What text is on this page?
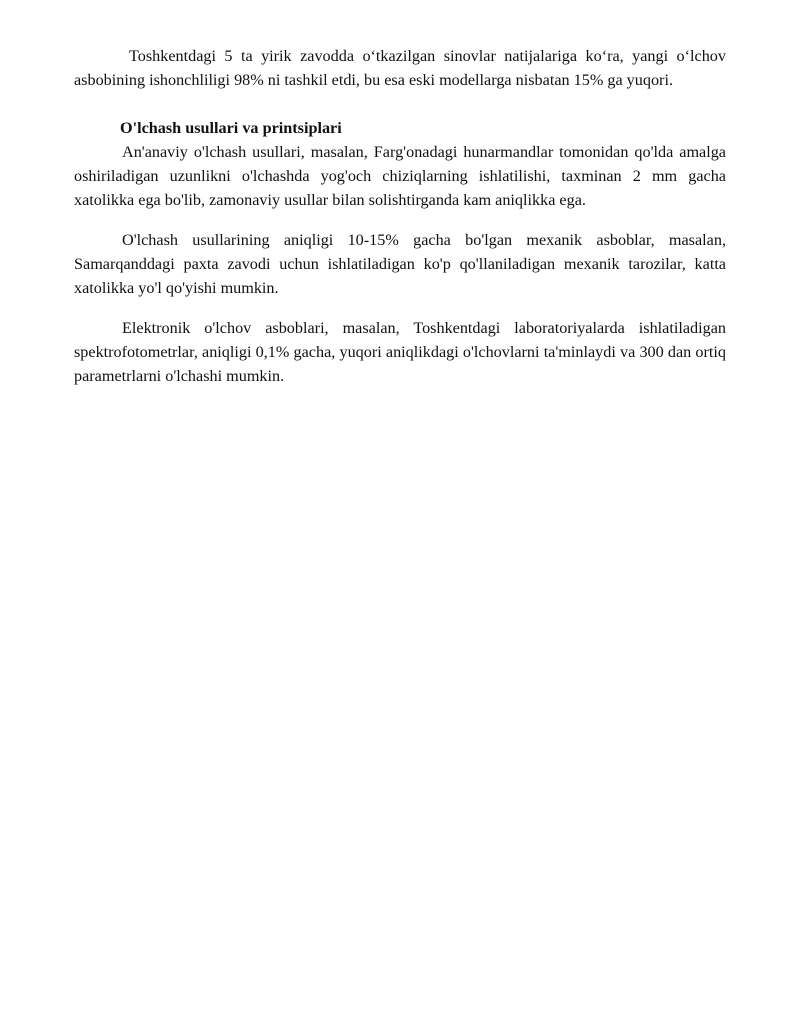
Toshkentdagi 5 ta yirik zavodda oʻtkazilgan sinovlar natijalariga koʻra, yangi oʻlchov asbobining ishonchliligi 98% ni tashkil etdi, bu esa eski modellarga nisbatan 15% ga yuqori.

O'lchash usullari va printsiplari

An'anaviy o'lchash usullari, masalan, Farg'onadagi hunarmandlar tomonidan qo'lda amalga oshiriladigan uzunlikni o'lchashda yog'och chiziqlarning ishlatilishi, taxminan 2 mm gacha xatolikka ega bo'lib, zamonaviy usullar bilan solishtirganda kam aniqlikka ega.

O'lchash usullarining aniqligi 10-15% gacha bo'lgan mexanik asboblar, masalan, Samarqanddagi paxta zavodi uchun ishlatiladigan ko'p qo'llaniladigan mexanik tarozilar, katta xatolikka yo'l qo'yishi mumkin.

Elektronik o'lchov asboblari, masalan, Toshkentdagi laboratoriyalarda ishlatiladigan spektrofotometrlar, aniqligi 0,1% gacha, yuqori aniqlikdagi o'lchovlarni ta'minlaydi va 300 dan ortiq parametrlarni o'lchashi mumkin.
